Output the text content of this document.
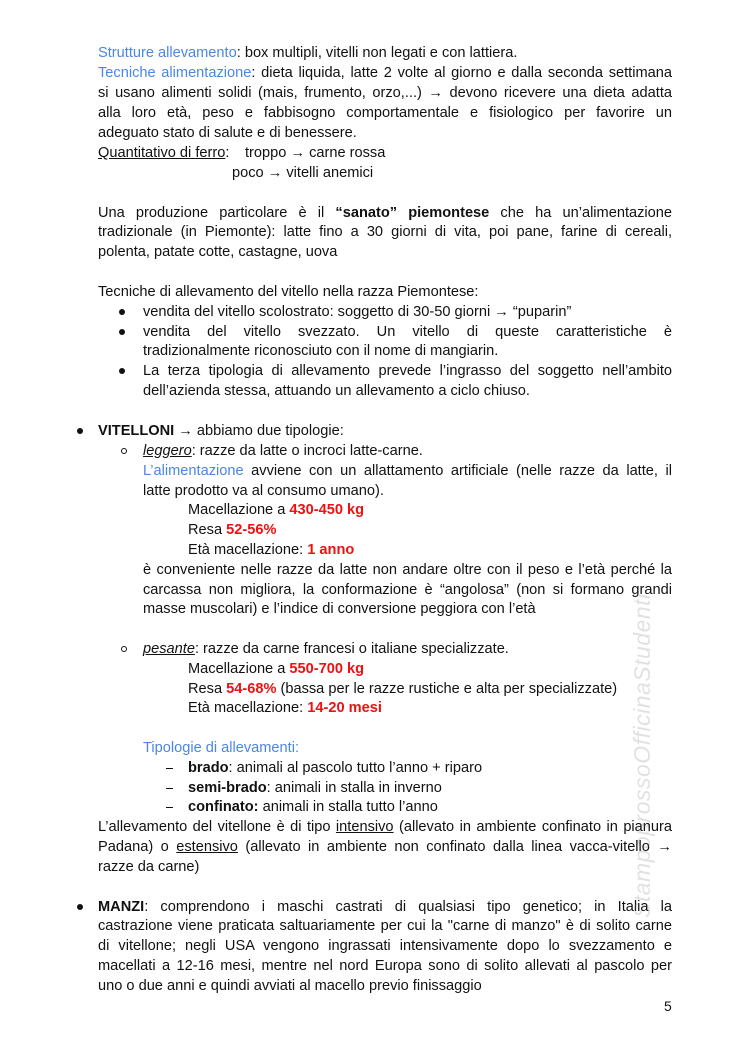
Strutture allevamento: box multipli, vitelli non legati e con lattiera.
Tecniche alimentazione: dieta liquida, latte 2 volte al giorno e dalla seconda settimana
si usano alimenti solidi (mais, frumento, orzo,...) → devono ricevere una dieta adatta
alla loro età, peso e fabbisogno comportamentale e fisiologico per favorire un
adeguato stato di salute e di benessere.
Quantitativo di ferro: troppo → carne rossa
poco → vitelli anemici
Una produzione particolare è il “sanato” piemontese che ha un’alimentazione
tradizionale (in Piemonte): latte fino a 30 giorni di vita, poi pane, farine di cereali,
polenta, patate cotte, castagne, uova
Tecniche di allevamento del vitello nella razza Piemontese:
vendita del vitello scolostrato: soggetto di 30-50 giorni → “puparin”
vendita del vitello svezzato. Un vitello di queste caratteristiche è
tradizionalmente riconosciuto con il nome di mangiarin.
La terza tipologia di allevamento prevede l’ingrasso del soggetto nell’ambito
dell’azienda stessa, attuando un allevamento a ciclo chiuso.
VITELLONI → abbiamo due tipologie:
leggero: razze da latte o incroci latte-carne.
L’alimentazione avviene con un allattamento artificiale (nelle razze da latte, il
latte prodotto va al consumo umano).
Macellazione a 430-450 kg
Resa 52-56%
Età macellazione: 1 anno
è conveniente nelle razze da latte non andare oltre con il peso e l’età perché la
carcassa non migliora, la conformazione è “angolosa” (non si formano grandi
masse muscolari) e l’indice di conversione peggiora con l’età
pesante: razze da carne francesi o italiane specializzate.
Macellazione a 550-700 kg
Resa 54-68% (bassa per le razze rustiche e alta per specializzate)
Età macellazione: 14-20 mesi
Tipologie di allevamenti:
brado: animali al pascolo tutto l’anno + riparo
semi-brado: animali in stalla in inverno
confinato: animali in stalla tutto l’anno
L’allevamento del vitellone è di tipo intensivo (allevato in ambiente confinato in pianura
Padana) o estensivo (allevato in ambiente non confinato dalla linea vacca-vitello →
razze da carne)
MANZI: comprendono i maschi castrati di qualsiasi tipo genetico; in Italia la
castrazione viene praticata saltuariamente per cui la "carne di manzo" è di solito carne
di vitellone; negli USA vengono ingrassati intensivamente dopo lo svezzamento e
macellati a 12-16 mesi, mentre nel nord Europa sono di solito allevati al pascolo per
uno o due anni e quindi avviati al macello previo finissaggio
StampoprossoOfficinaStudenti
5
